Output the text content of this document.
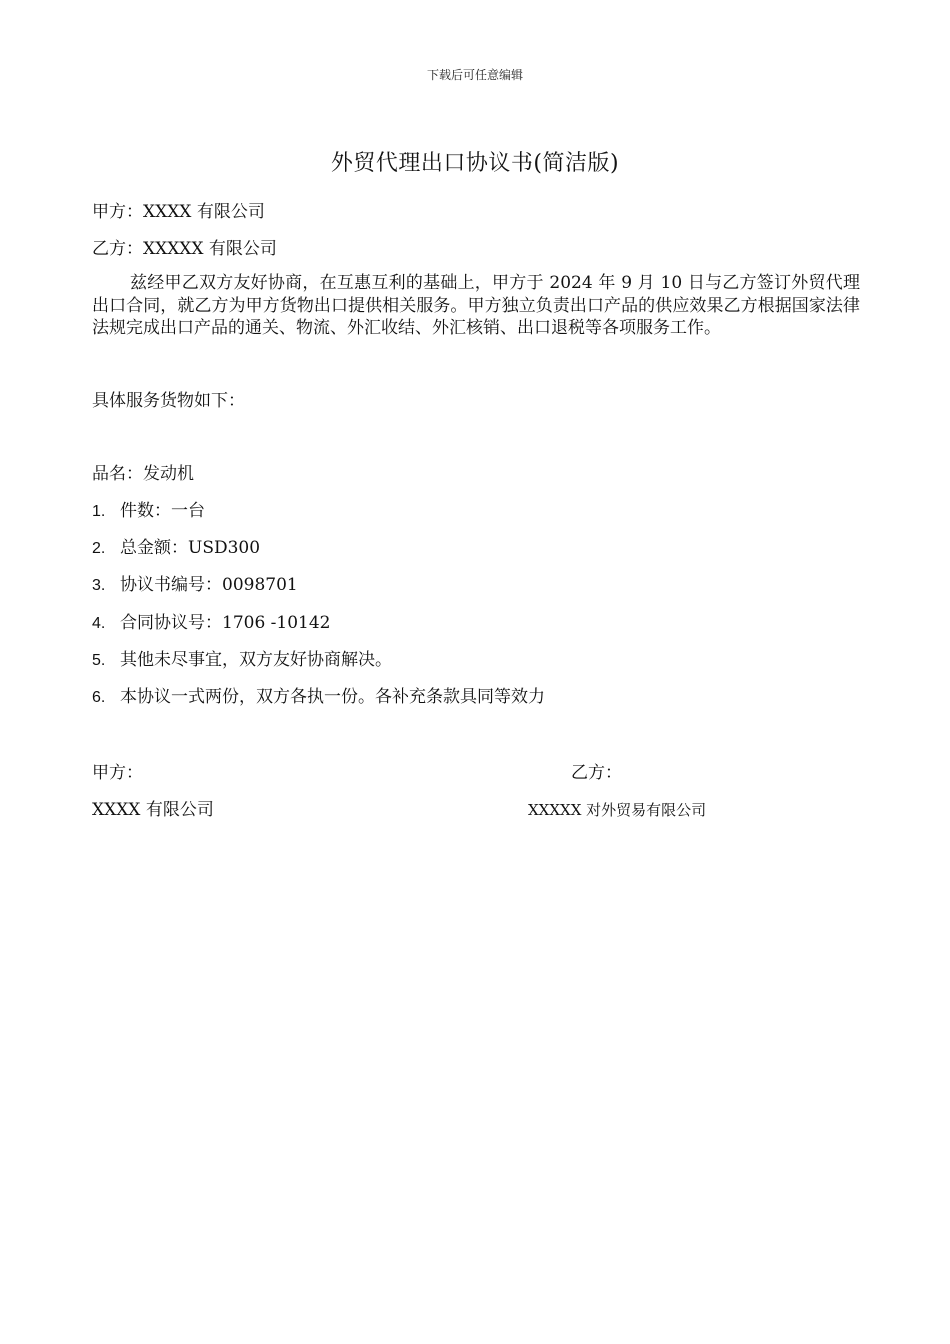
下载后可任意编辑
外贸代理出口协议书(简洁版)
甲方：XXXX 有限公司
乙方：XXXXX 有限公司
兹经甲乙双方友好协商，在互惠互利的基础上，甲方于 2024 年 9 月 10 日与乙方签订外贸代理出口合同，就乙方为甲方货物出口提供相关服务。甲方独立负责出口产品的供应效果乙方根据国家法律法规完成出口产品的通关、物流、外汇收结、外汇核销、出口退税等各项服务工作。
具体服务货物如下：
品名：发动机
1. 件数：一台
2. 总金额：USD300
3. 协议书编号：0098701
4. 合同协议号：1706 -10142
5. 其他未尽事宜，双方友好协商解决。
6. 本协议一式两份，双方各执一份。各补充条款具同等效力
甲方：	乙方：
XXXX 有限公司	XXXXX 对外贸易有限公司
